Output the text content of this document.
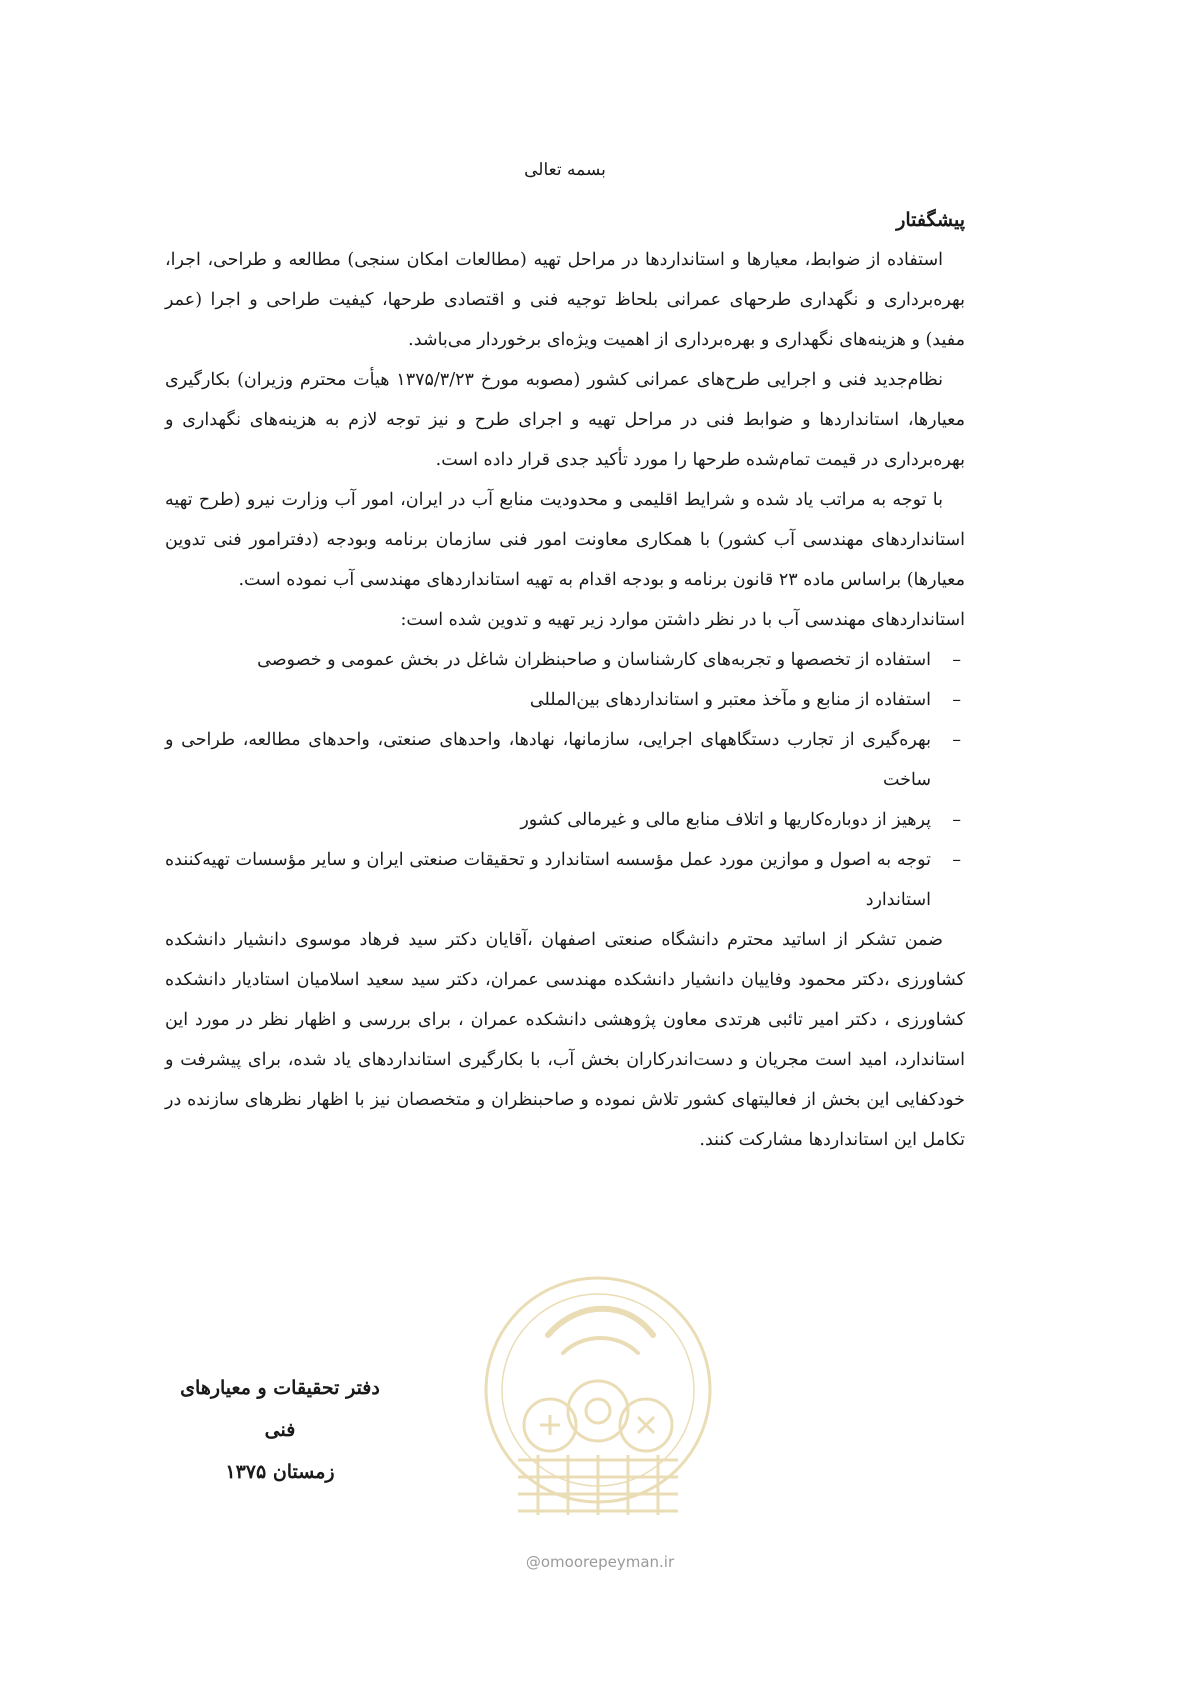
بسمه تعالی

پیشگفتار

استفاده از ضوابط، معیارها و استانداردها در مراحل تهیه (مطالعات امکان سنجی) مطالعه و طراحی، اجرا، بهره‌برداری و نگهداری طرحهای عمرانی بلحاظ توجیه فنی و اقتصادی طرحها، کیفیت طراحی و اجرا (عمر مفید) و هزینه‌های نگهداری و بهره‌برداری از اهمیت ویژه‌ای برخوردار می‌باشد.

نظام‌جدید فنی و اجرایی طرح‌های عمرانی کشور (مصوبه مورخ ۱۳۷۵/۳/۲۳ هیأت محترم وزیران) بکارگیری معیارها، استانداردها و ضوابط فنی در مراحل تهیه و اجرای طرح و نیز توجه لازم به هزینه‌های نگهداری و بهره‌برداری در قیمت تمام‌شده طرحها را مورد تأکید جدی قرار داده است.

با توجه به مراتب یاد شده و شرایط اقلیمی و محدودیت منابع آب در ایران، امور آب وزارت نیرو (طرح تهیه استانداردهای مهندسی آب کشور) با همکاری معاونت امور فنی سازمان برنامه وبودجه (دفترامور فنی تدوین معیارها) براساس ماده ۲۳ قانون برنامه و بودجه اقدام به تهیه استانداردهای مهندسی آب نموده است.

استانداردهای مهندسی آب با در نظر داشتن موارد زیر تهیه و تدوین شده است:

–
استفاده از تخصصها و تجربه‌های کارشناسان و صاحبنظران شاغل در بخش عمومی و خصوصی
–
استفاده از منابع و مآخذ معتبر و استانداردهای بین‌المللی
–
بهره‌گیری از تجارب دستگاههای اجرایی، سازمانها، نهادها، واحدهای صنعتی، واحدهای مطالعه، طراحی و ساخت
–
پرهیز از دوباره‌کاریها و اتلاف منابع مالی و غیرمالی کشور
–
توجه به اصول و موازین مورد عمل مؤسسه استاندارد و تحقیقات صنعتی ایران و سایر مؤسسات تهیه‌کننده استاندارد

ضمن تشکر از اساتید محترم دانشگاه صنعتی اصفهان ،آقایان دکتر سید فرهاد موسوی دانشیار دانشکده کشاورزی ،دکتر محمود وفاییان دانشیار دانشکده مهندسی عمران، دکتر سید سعید اسلامیان استادیار دانشکده کشاورزی ، دکتر امیر تائبی هرتدی معاون پژوهشی دانشکده عمران ، برای بررسی و اظهار نظر در مورد این استاندارد، امید است مجریان و دست‌اندرکاران بخش آب، با بکارگیری استانداردهای یاد شده، برای پیشرفت و خودکفایی این بخش از فعالیتهای کشور تلاش نموده و صاحبنظران و متخصصان نیز با اظهار نظرهای سازنده در تکامل این استانداردها مشارکت کنند.

دفتر تحقیقات و معیارهای
فنی
زمستان ۱۳۷۵
@omoorepeyman.ir
